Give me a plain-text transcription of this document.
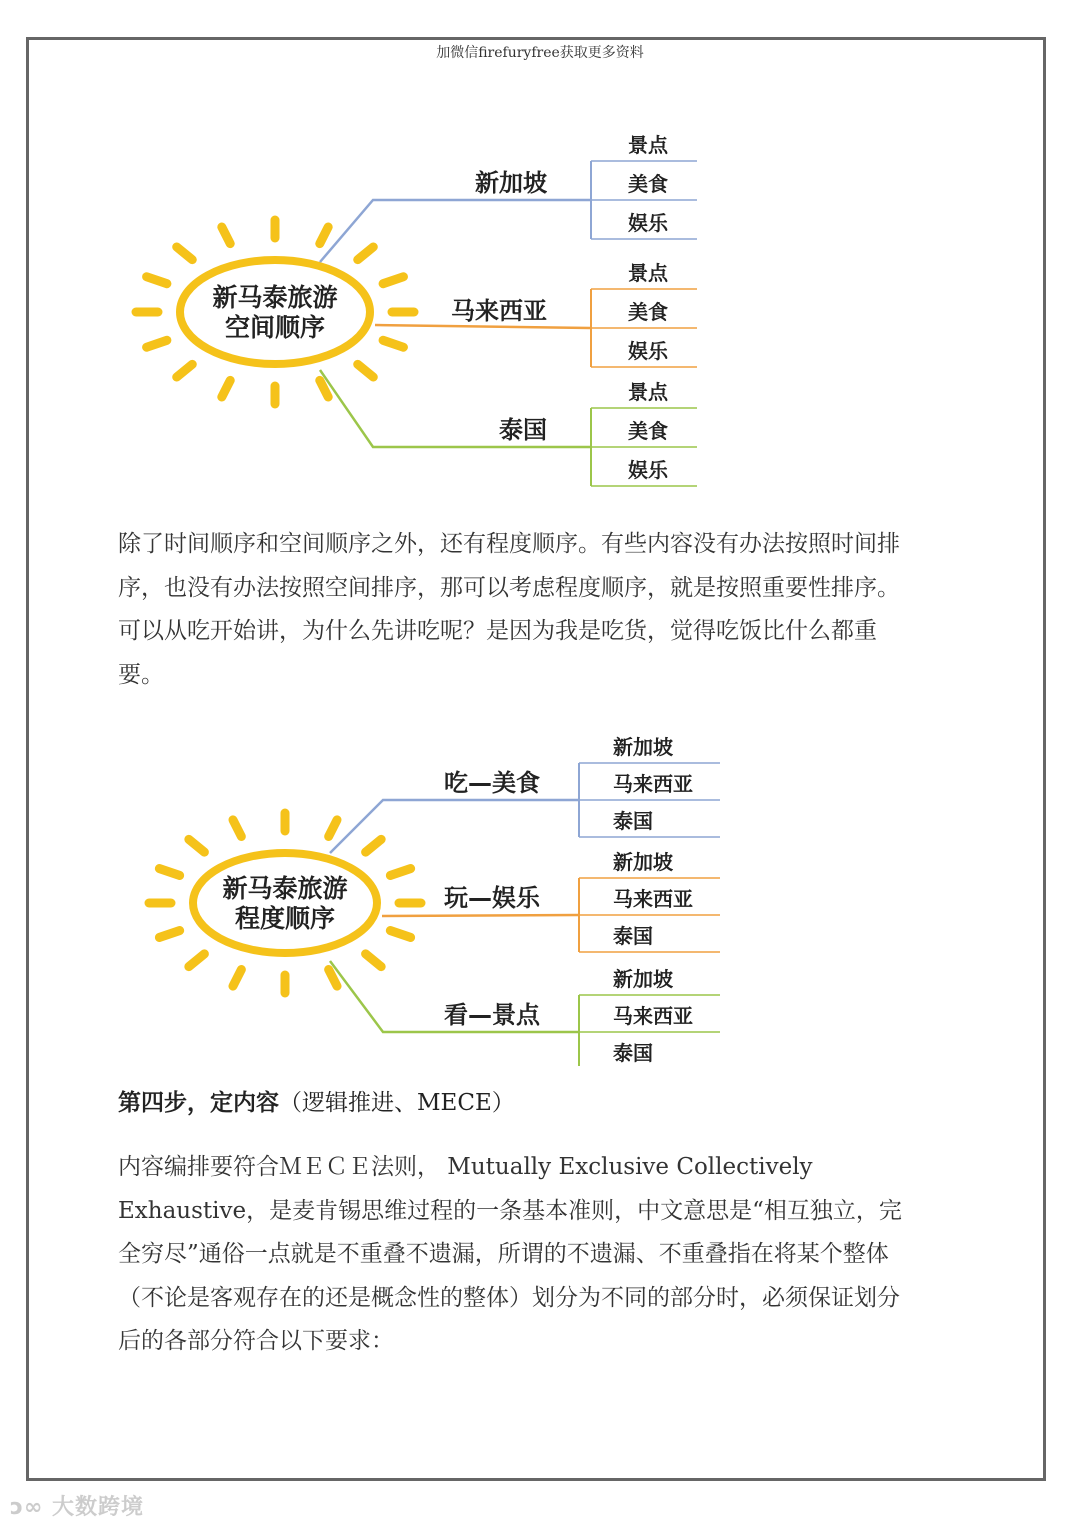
加微信firefuryfree获取更多资料
新马泰旅游
空间顺序
新加坡
景点
美食
娱乐
马来西亚
景点
美食
娱乐
泰国
景点
美食
娱乐
除了时间顺序和空间顺序之外，还有程度顺序。有些内容没有办法按照时间排
序，也没有办法按照空间排序，那可以考虑程度顺序，就是按照重要性排序。
可以从吃开始讲，为什么先讲吃呢？是因为我是吃货，觉得吃饭比什么都重
要。
新马泰旅游
程度顺序
吃—美食
新加坡
马来西亚
泰国
玩—娱乐
新加坡
马来西亚
泰国
看—景点
新加坡
马来西亚
泰国
第四步，定内容（逻辑推进、MECE）
内容编排要符合ＭＥＣＥ法则， Mutually Exclusive Collectively
Exhaustive，是麦肯锡思维过程的一条基本准则，中文意思是“相互独立，完
全穷尽”通俗一点就是不重叠不遗漏，所谓的不遗漏、不重叠指在将某个整体
（不论是客观存在的还是概念性的整体）划分为不同的部分时，必须保证划分
后的各部分符合以下要求：
ↄ∞ 大数跨境
